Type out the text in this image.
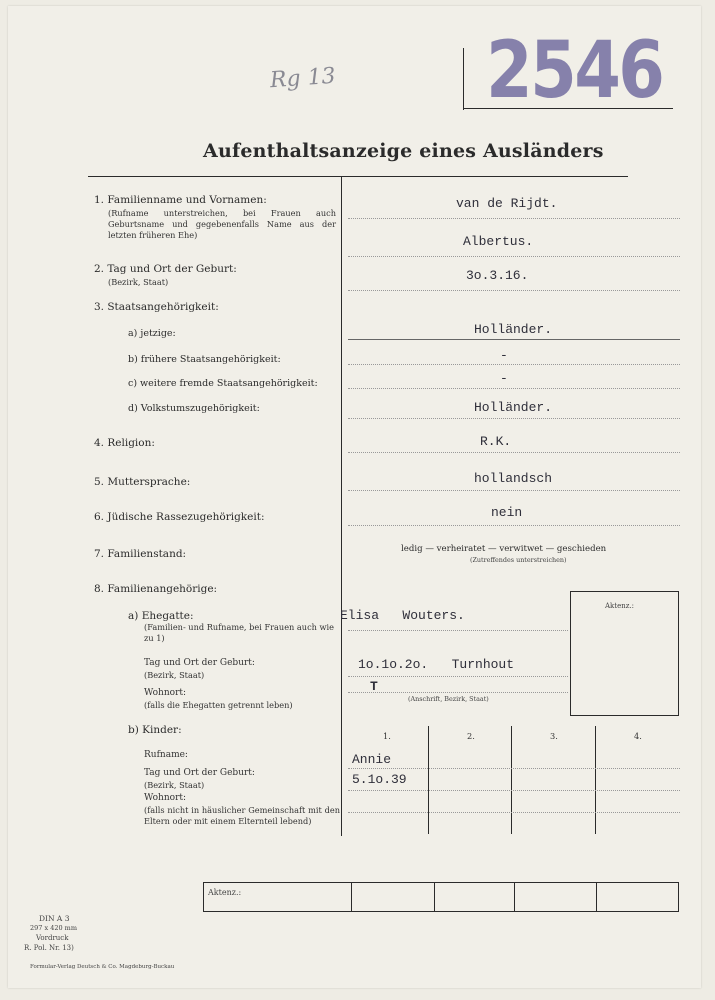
2546
Rg 13
Aufenthaltsanzeige eines Ausländers
1. Familienname und Vornamen:
(Rufname unterstreichen, bei Frauen auch Geburtsname und gegebenenfalls Name aus der letzten früheren Ehe)
van de Rijdt.
Albertus.
2. Tag und Ort der Geburt:
(Bezirk, Staat)	3o.3.16.
3. Staatsangehörigkeit:
a) jetzige:	Holländer.
b) frühere Staatsangehörigkeit:	-
c) weitere fremde Staatsangehörigkeit:	-
d) Volkstumszugehörigkeit:	Holländer.
4. Religion:	R.K.
5. Muttersprache:	hollandsch
6. Jüdische Rassezugehörigkeit:	nein
7. Familienstand:	ledig — verheiratet — verwitwet — geschieden
(Zutreffendes unterstreichen)
8. Familienangehörige:
a) Ehegatte:
(Familien- und Rufname, bei Frauen auch wie zu 1)
Elisa   Wouters.
Tag und Ort der Geburt:
(Bezirk, Staat)
1o.1o.2o.   Turnhout
Wohnort:
(falls die Ehegatten getrennt leben)
T
(Anschrift, Bezirk, Staat)
Aktenz.:
b) Kinder:	1.	2.	3.	4.
Rufname:	Annie
Tag und Ort der Geburt:
(Bezirk, Staat)	5.1o.39
Wohnort:
(falls nicht in häuslicher Gemeinschaft mit den Eltern oder mit einem Elternteil lebend)
Aktenz.:
DIN A 3
297 x 420 mm
Vordruck
R. Pol. Nr. 13)
Formular-Verlag Deutsch & Co. Magdeburg-Buckau
